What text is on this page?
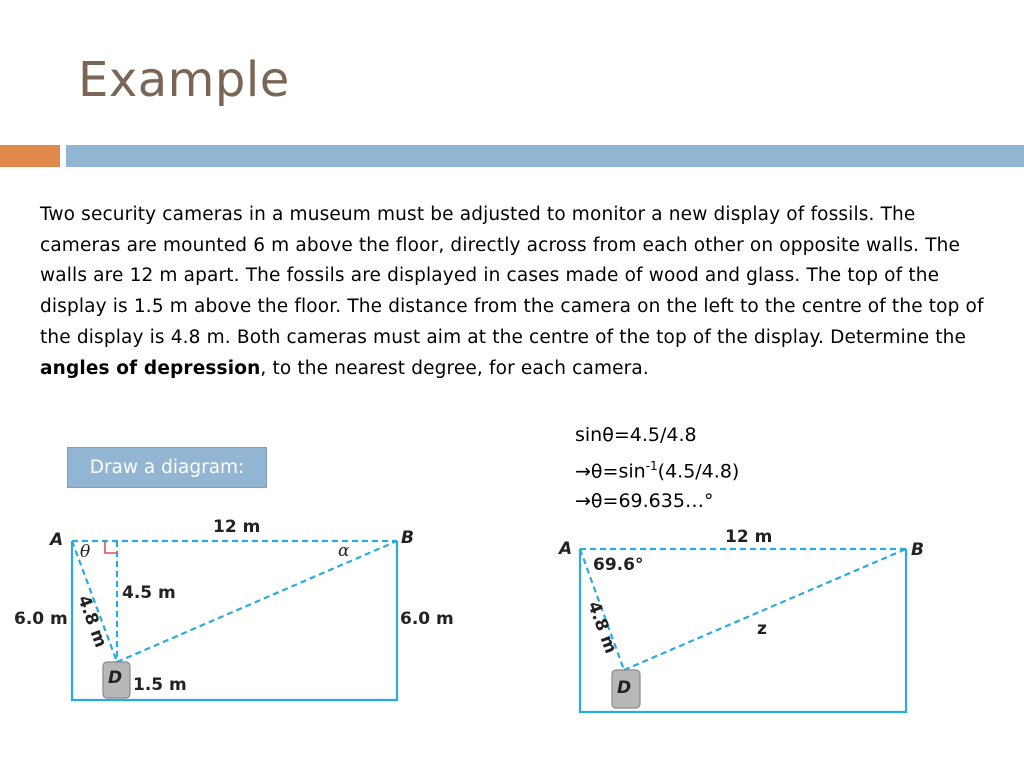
Example

Two security cameras in a museum must be adjusted to monitor a new display of fossils. The cameras are mounted 6 m above the floor, directly across from each other on opposite walls. The walls are 12 m apart. The fossils are displayed in cases made of wood and glass. The top of the display is 1.5 m above the floor. The distance from the camera on the left to the centre of the top of the display is 4.8 m. Both cameras must aim at the centre of the top of the display. Determine the angles of depression, to the nearest degree, for each camera.

sinθ=4.5/4.8
$\to\theta=\sin^{-1}(4.5/4.8)$
→θ=69.635…°
Draw a diagram:
D
A	B
12 m
6.0 m	6.0 m
4.5 m
4.8 m
1.5 m
θ	α
D
A	B
12 m
69.6°
4.8 m	z
